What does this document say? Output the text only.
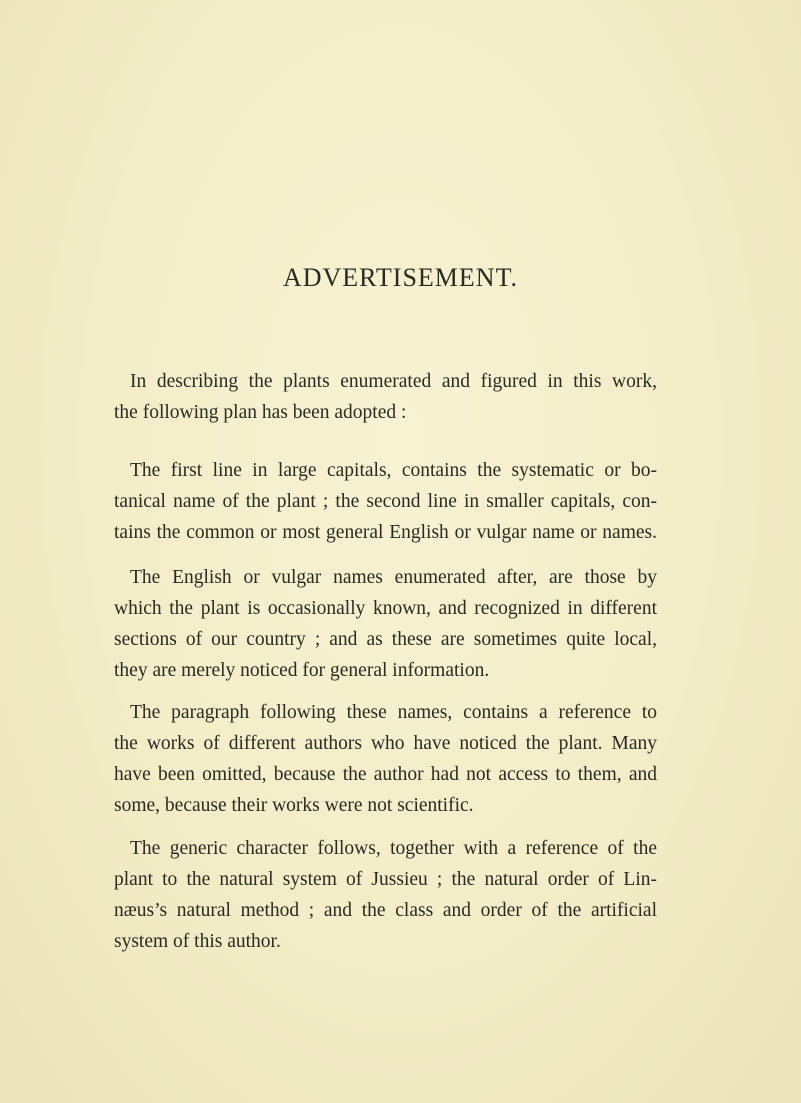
ADVERTISEMENT.

In describing the plants enumerated and figured in this work,
the following plan has been adopted :

The first line in large capitals, contains the systematic or bo-
tanical name of the plant ; the second line in smaller capitals, con-
tains the common or most general English or vulgar name or names.

The English or vulgar names enumerated after, are those by
which the plant is occasionally known, and recognized in different
sections of our country ; and as these are sometimes quite local,
they are merely noticed for general information.

The paragraph following these names, contains a reference to
the works of different authors who have noticed the plant. Many
have been omitted, because the author had not access to them, and
some, because their works were not scientific.

The generic character follows, together with a reference of the
plant to the natural system of Jussieu ; the natural order of Lin-
næus’s natural method ; and the class and order of the artificial
system of this author.
